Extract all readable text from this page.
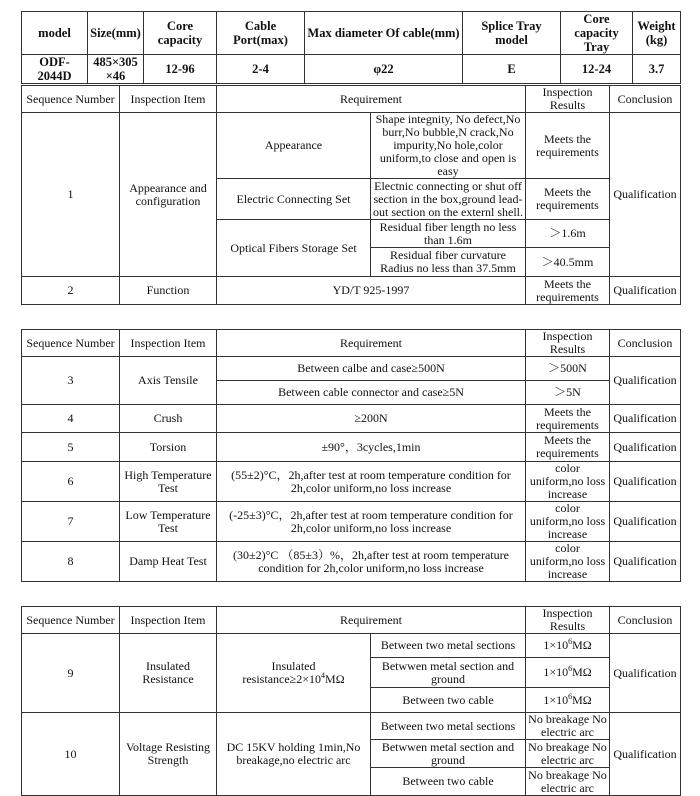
model	Size(mm)	Core capacity	Cable Port(max)	Max diameter Of cable(mm)	Splice Tray model	Core capacity Tray	Weight (kg)
ODF-2044D	485×305 ×46	12-96	2-4	φ22	E	12-24	3.7
Sequence Number	Inspection Item	Requirement		Inspection Results	Conclusion
1	Appearance and configuration	Appearance	Shape integnity, No defect,No burr,No bubble,N crack,No impurity,No hole,color uniform,to close and open is easy	Meets the requirements	Qualification
		Electric Connecting Set	Electnic connecting or shut off section in the box,ground lead-out section on the externl shell.	Meets the requirements	
		Optical Fibers Storage Set	Residual fiber length no less than 1.6m	＞1.6m	
			Residual fiber curvature Radius no less than 37.5mm	＞40.5mm	
2	Function	YD/T 925-1997		Meets the requirements	Qualification

Sequence Number	Inspection Item	Requirement		Inspection Results	Conclusion
3	Axis Tensile	Between calbe and case≥500N		＞500N	Qualification
		Between cable connector and case≥5N		＞5N	
4	Crush	≥200N		Meets the requirements	Qualification
5	Torsion	±90°，3cycles,1min		Meets the requirements	Qualification
6	High Temperature Test	(55±2)°C，2h,after test at room temperature condition for 2h,color uniform,no loss increase		color uniform,no loss increase	Qualification
7	Low Temperature Test	(-25±3)°C，2h,after test at room temperature condition for 2h,color uniform,no loss increase		color uniform,no loss increase	Qualification
8	Damp Heat Test	(30±2)°C （85±3）%，2h,after test at room temperature condition for 2h,color uniform,no loss increase		color uniform,no loss increase	Qualification

Sequence Number	Inspection Item	Requirement		Inspection Results	Conclusion
9	Insulated Resistance	Insulated $resistance\ge 2\times 10^4M\Omega$	Between two metal sections	$1\times 10^6M\Omega$	Qualification
			Betwwen metal section and ground	$1\times 10^6M\Omega$	
			Between two cable	$1\times 10^6M\Omega$	
10	Voltage Resisting Strength	DC 15KV holding 1min,No breakage,no electric arc	Between two metal sections	No breakage No electric arc	Qualification
			Betwwen metal section and ground	No breakage No electric arc	
			Between two cable	No breakage No electric arc	
